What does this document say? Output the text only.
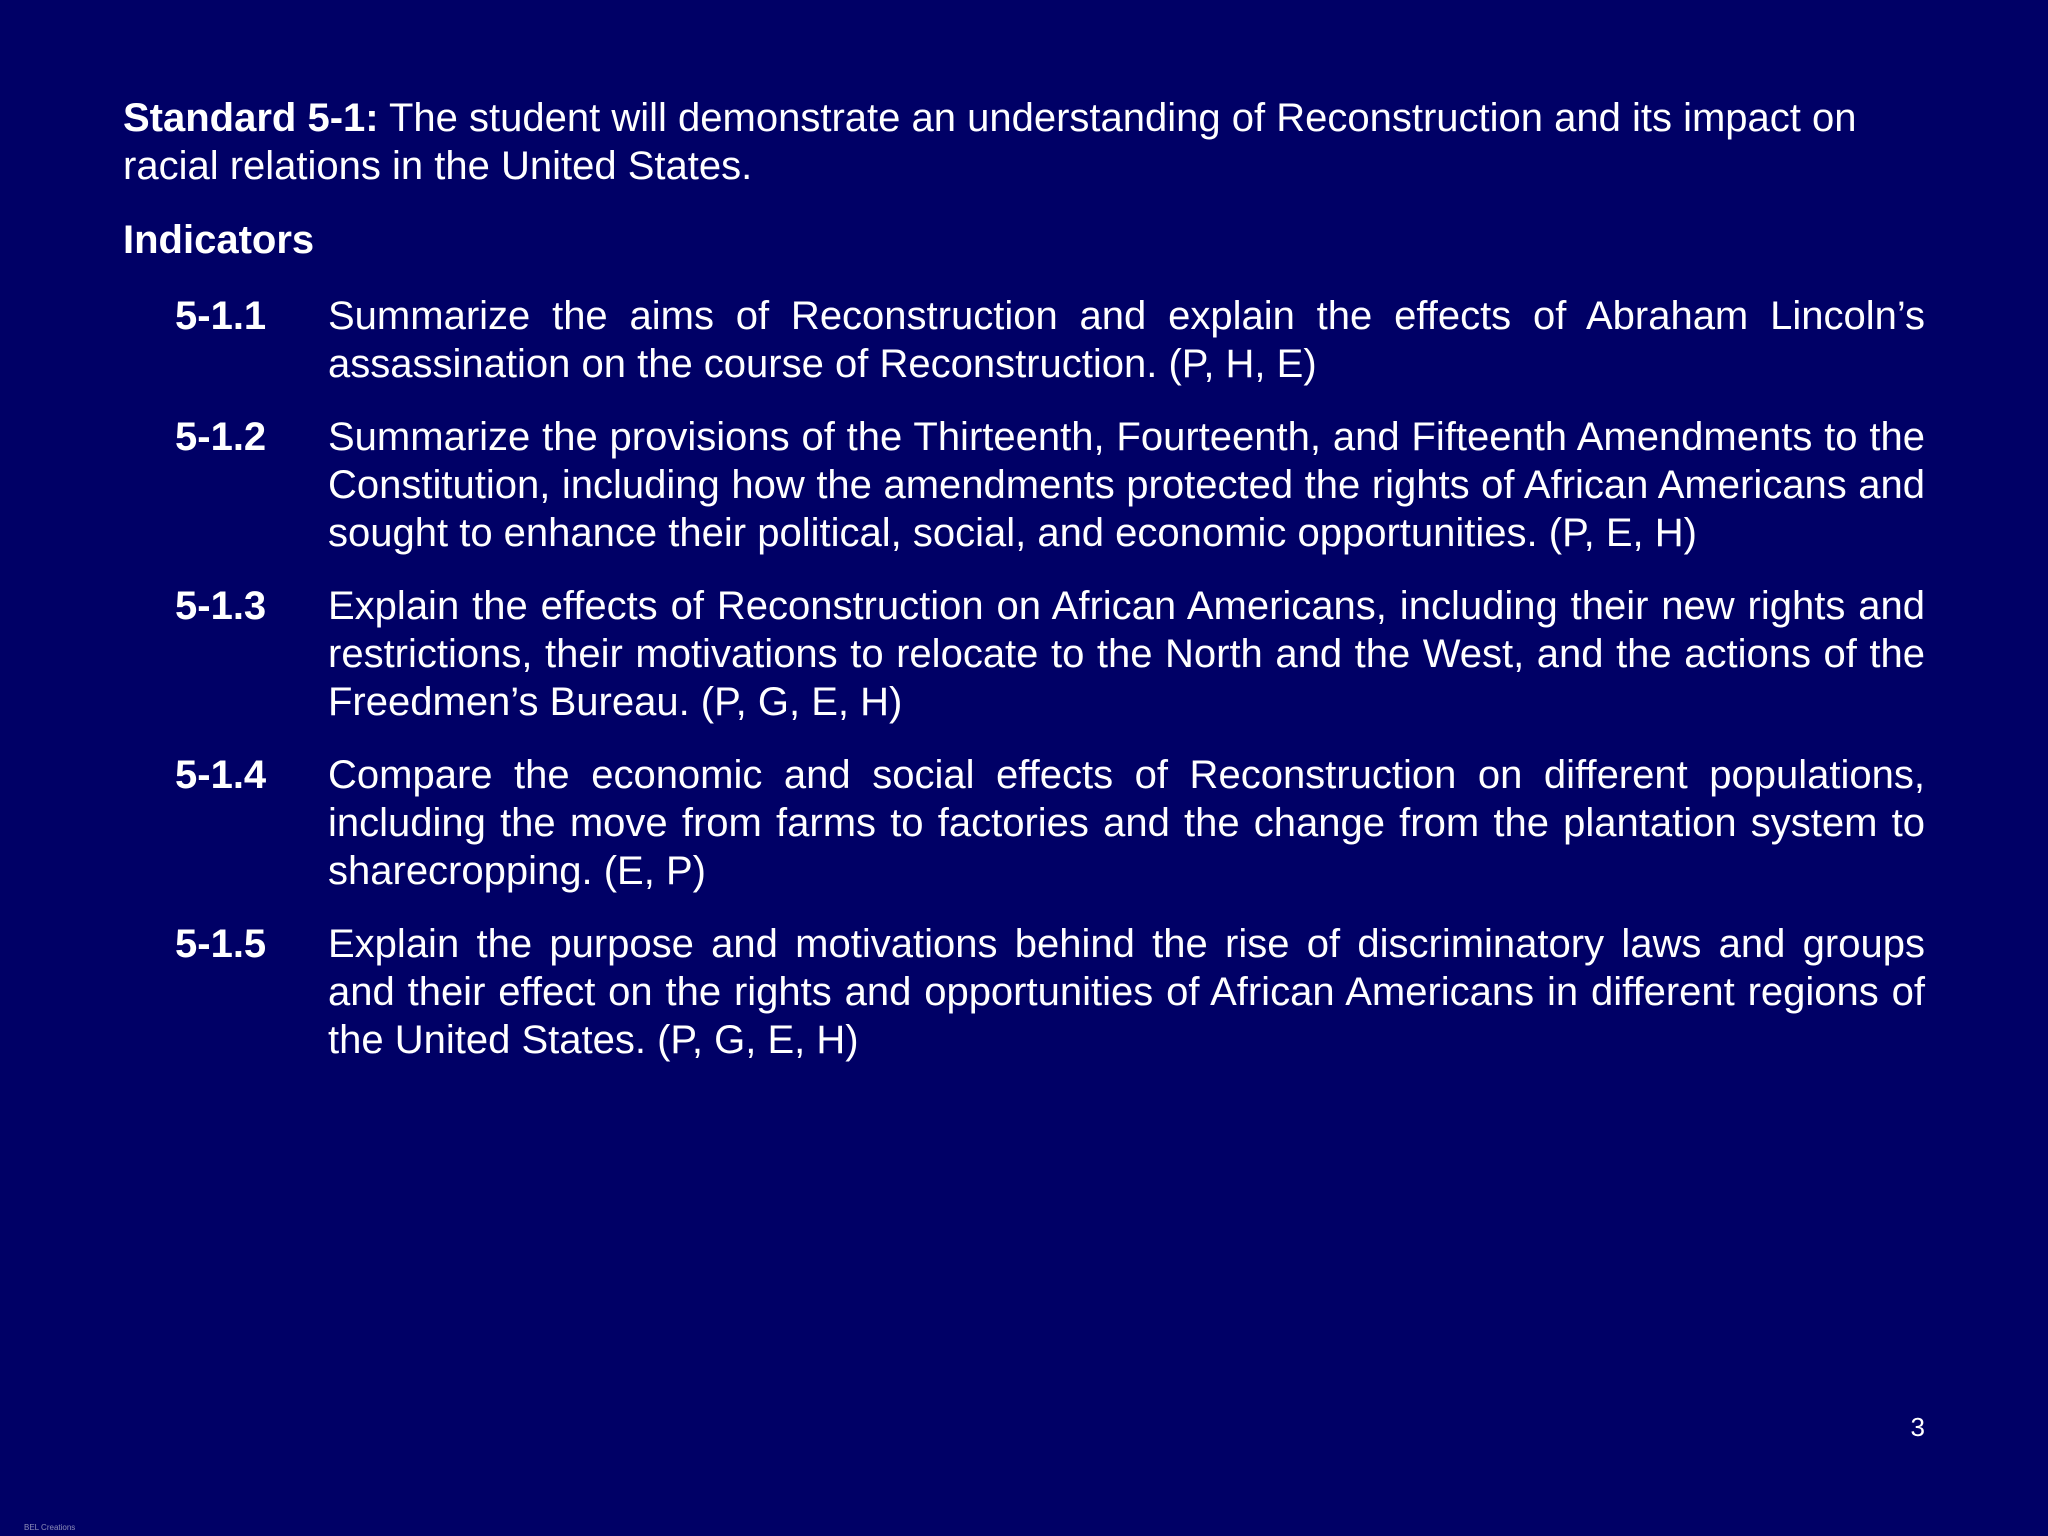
Standard 5-1: The student will demonstrate an understanding of Reconstruction and its impact on racial relations in the United States.
Indicators
5-1.1 Summarize the aims of Reconstruction and explain the effects of Abraham Lincoln’s assassination on the course of Reconstruction. (P, H, E)
5-1.2 Summarize the provisions of the Thirteenth, Fourteenth, and Fifteenth Amendments to the Constitution, including how the amendments protected the rights of African Americans and sought to enhance their political, social, and economic opportunities. (P, E, H)
5-1.3 Explain the effects of Reconstruction on African Americans, including their new rights and restrictions, their motivations to relocate to the North and the West, and the actions of the Freedmen’s Bureau. (P, G, E, H)
5-1.4 Compare the economic and social effects of Reconstruction on different populations, including the move from farms to factories and the change from the plantation system to sharecropping. (E, P)
5-1.5 Explain the purpose and motivations behind the rise of discriminatory laws and groups and their effect on the rights and opportunities of African Americans in different regions of the United States. (P, G, E, H)
3
BEL Creations
